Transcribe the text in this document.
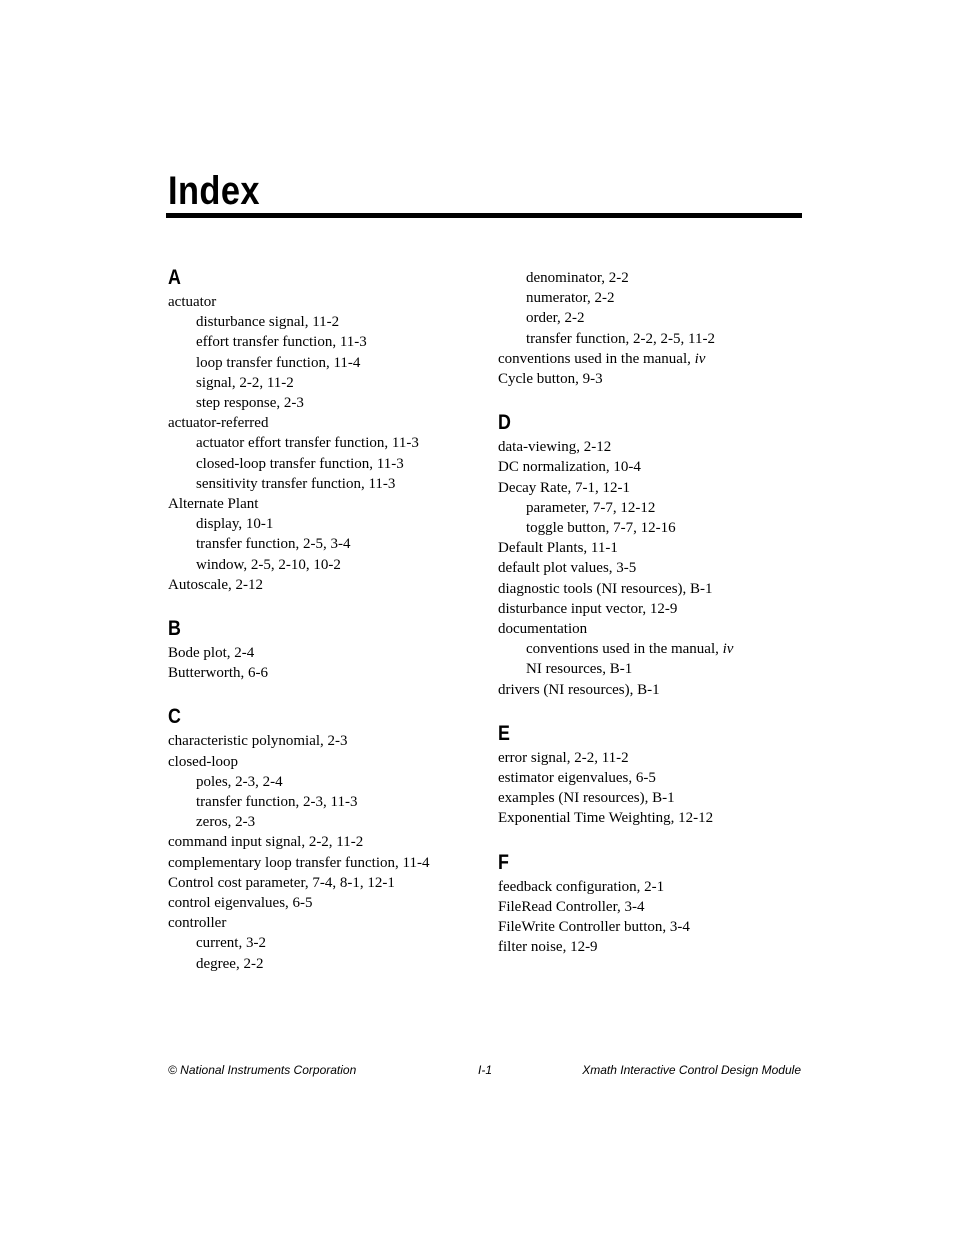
Index
A
actuator
disturbance signal, 11-2
effort transfer function, 11-3
loop transfer function, 11-4
signal, 2-2, 11-2
step response, 2-3
actuator-referred
actuator effort transfer function, 11-3
closed-loop transfer function, 11-3
sensitivity transfer function, 11-3
Alternate Plant
display, 10-1
transfer function, 2-5, 3-4
window, 2-5, 2-10, 10-2
Autoscale, 2-12
B
Bode plot, 2-4
Butterworth, 6-6
C
characteristic polynomial, 2-3
closed-loop
poles, 2-3, 2-4
transfer function, 2-3, 11-3
zeros, 2-3
command input signal, 2-2, 11-2
complementary loop transfer function, 11-4
Control cost parameter, 7-4, 8-1, 12-1
control eigenvalues, 6-5
controller
current, 3-2
degree, 2-2
denominator, 2-2
numerator, 2-2
order, 2-2
transfer function, 2-2, 2-5, 11-2
conventions used in the manual, iv
Cycle button, 9-3
D
data-viewing, 2-12
DC normalization, 10-4
Decay Rate, 7-1, 12-1
parameter, 7-7, 12-12
toggle button, 7-7, 12-16
Default Plants, 11-1
default plot values, 3-5
diagnostic tools (NI resources), B-1
disturbance input vector, 12-9
documentation
conventions used in the manual, iv
NI resources, B-1
drivers (NI resources), B-1
E
error signal, 2-2, 11-2
estimator eigenvalues, 6-5
examples (NI resources), B-1
Exponential Time Weighting, 12-12
F
feedback configuration, 2-1
FileRead Controller, 3-4
FileWrite Controller button, 3-4
filter noise, 12-9
© National Instruments Corporation	I-1	Xmath Interactive Control Design Module
